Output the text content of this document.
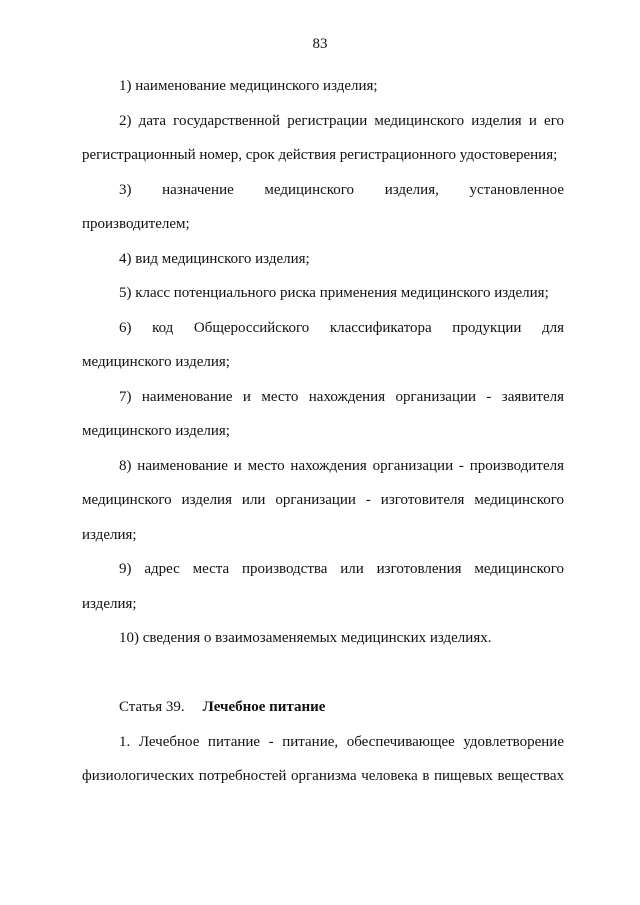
83

1) наименование медицинского изделия;

2) дата государственной регистрации медицинского изделия и его регистрационный номер, срок действия регистрационного удостоверения;

3) назначение медицинского изделия, установленное производителем;

4) вид медицинского изделия;

5) класс потенциального риска применения медицинского изделия;

6) код Общероссийского классификатора продукции для медицинского изделия;

7) наименование и место нахождения организации - заявителя медицинского изделия;

8) наименование и место нахождения организации - производителя медицинского изделия или организации - изготовителя медицинского изделия;

9) адрес места производства или изготовления медицинского изделия;

10) сведения о взаимозаменяемых медицинских изделиях.

Статья 39. Лечебное питание

1. Лечебное питание - питание, обеспечивающее удовлетворение физиологических потребностей организма человека в пищевых веществах
